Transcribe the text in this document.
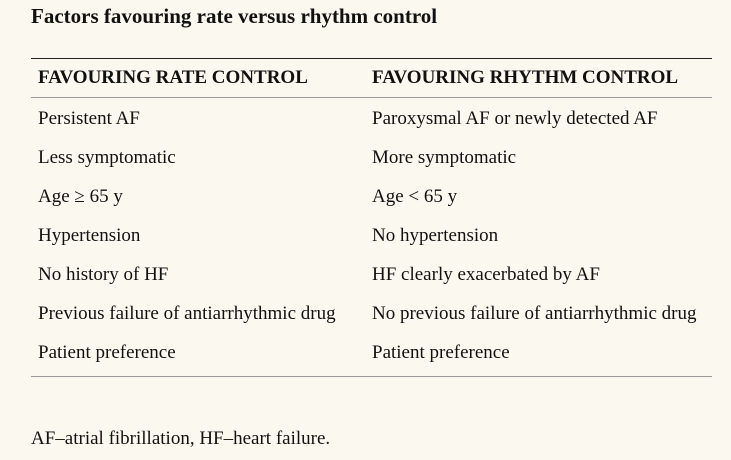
Factors favouring rate versus rhythm control
FAVOURING RATE CONTROL	FAVOURING RHYTHM CONTROL
Persistent AF	Paroxysmal AF or newly detected AF
Less symptomatic	More symptomatic
Age ≥ 65 y	Age < 65 y
Hypertension	No hypertension
No history of HF	HF clearly exacerbated by AF
Previous failure of antiarrhythmic drug	No previous failure of antiarrhythmic drug
Patient preference	Patient preference
AF–atrial fibrillation, HF–heart failure.
